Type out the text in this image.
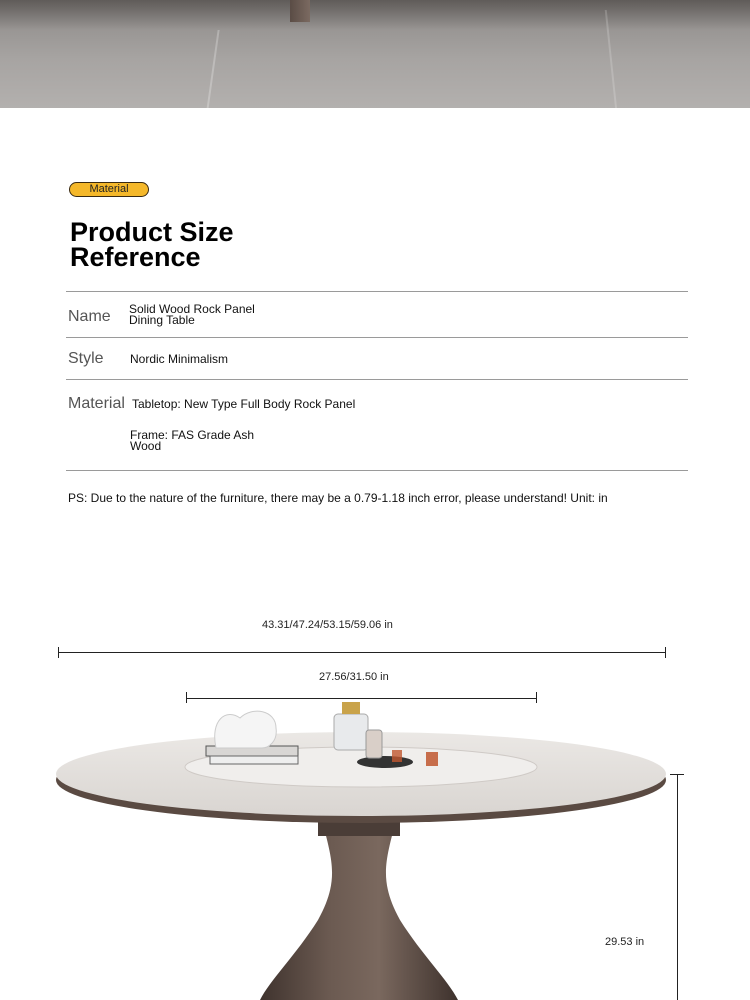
Material
Product Size
Reference
Name Solid Wood Rock Panel
Dining Table
Style Nordic Minimalism
Material Tabletop: New Type Full Body Rock Panel
Frame: FAS Grade Ash
Wood
PS: Due to the nature of the furniture, there may be a 0.79-1.18 inch error, please understand! Unit: in
43.31/47.24/53.15/59.06 in
27.56/31.50 in
29.53 in
